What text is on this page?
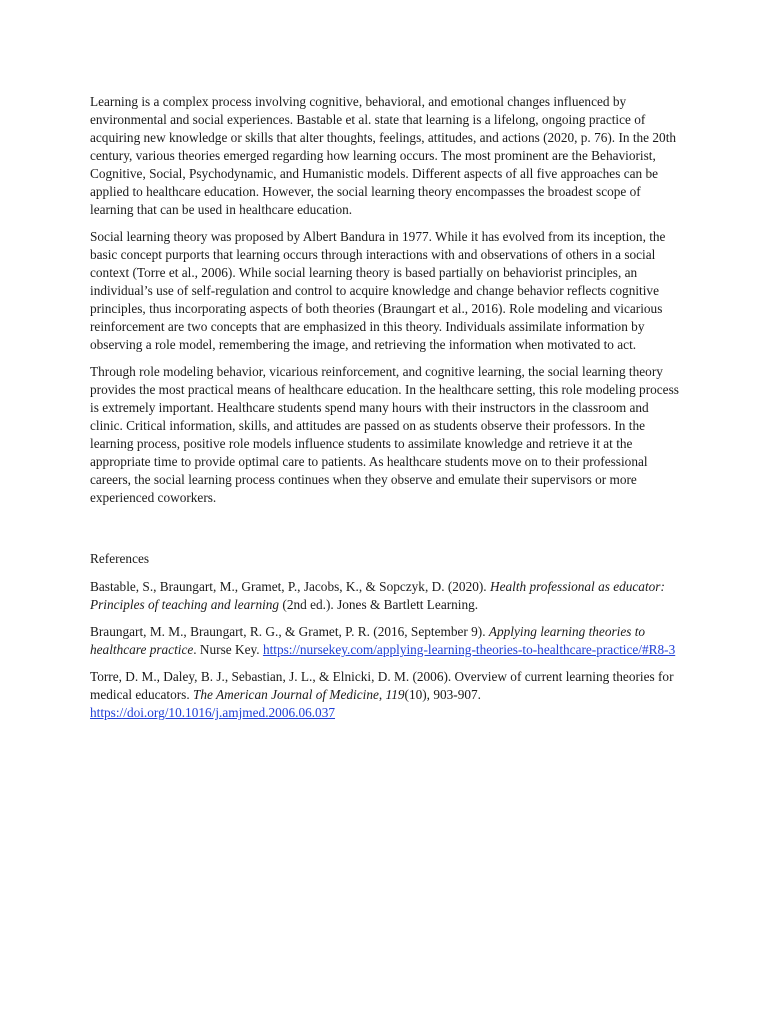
Learning is a complex process involving cognitive, behavioral, and emotional changes influenced by environmental and social experiences. Bastable et al. state that learning is a lifelong, ongoing practice of acquiring new knowledge or skills that alter thoughts, feelings, attitudes, and actions (2020, p. 76). In the 20th century, various theories emerged regarding how learning occurs. The most prominent are the Behaviorist, Cognitive, Social, Psychodynamic, and Humanistic models. Different aspects of all five approaches can be applied to healthcare education. However, the social learning theory encompasses the broadest scope of learning that can be used in healthcare education.

Social learning theory was proposed by Albert Bandura in 1977. While it has evolved from its inception, the basic concept purports that learning occurs through interactions with and observations of others in a social context (Torre et al., 2006). While social learning theory is based partially on behaviorist principles, an individual’s use of self-regulation and control to acquire knowledge and change behavior reflects cognitive principles, thus incorporating aspects of both theories (Braungart et al., 2016). Role modeling and vicarious reinforcement are two concepts that are emphasized in this theory. Individuals assimilate information by observing a role model, remembering the image, and retrieving the information when motivated to act.

Through role modeling behavior, vicarious reinforcement, and cognitive learning, the social learning theory provides the most practical means of healthcare education. In the healthcare setting, this role modeling process is extremely important. Healthcare students spend many hours with their instructors in the classroom and clinic. Critical information, skills, and attitudes are passed on as students observe their professors. In the learning process, positive role models influence students to assimilate knowledge and retrieve it at the appropriate time to provide optimal care to patients. As healthcare students move on to their professional careers, the social learning process continues when they observe and emulate their supervisors or more experienced coworkers.

References

Bastable, S., Braungart, M., Gramet, P., Jacobs, K., & Sopczyk, D. (2020). Health professional as educator: Principles of teaching and learning (2nd ed.). Jones & Bartlett Learning.

Braungart, M. M., Braungart, R. G., & Gramet, P. R. (2016, September 9). Applying learning theories to healthcare practice. Nurse Key. https://nursekey.com/applying-learning-theories-to-healthcare-practice/#R8-3

Torre, D. M., Daley, B. J., Sebastian, J. L., & Elnicki, D. M. (2006). Overview of current learning theories for medical educators. The American Journal of Medicine, 119(10), 903-907. https://doi.org/10.1016/j.amjmed.2006.06.037
